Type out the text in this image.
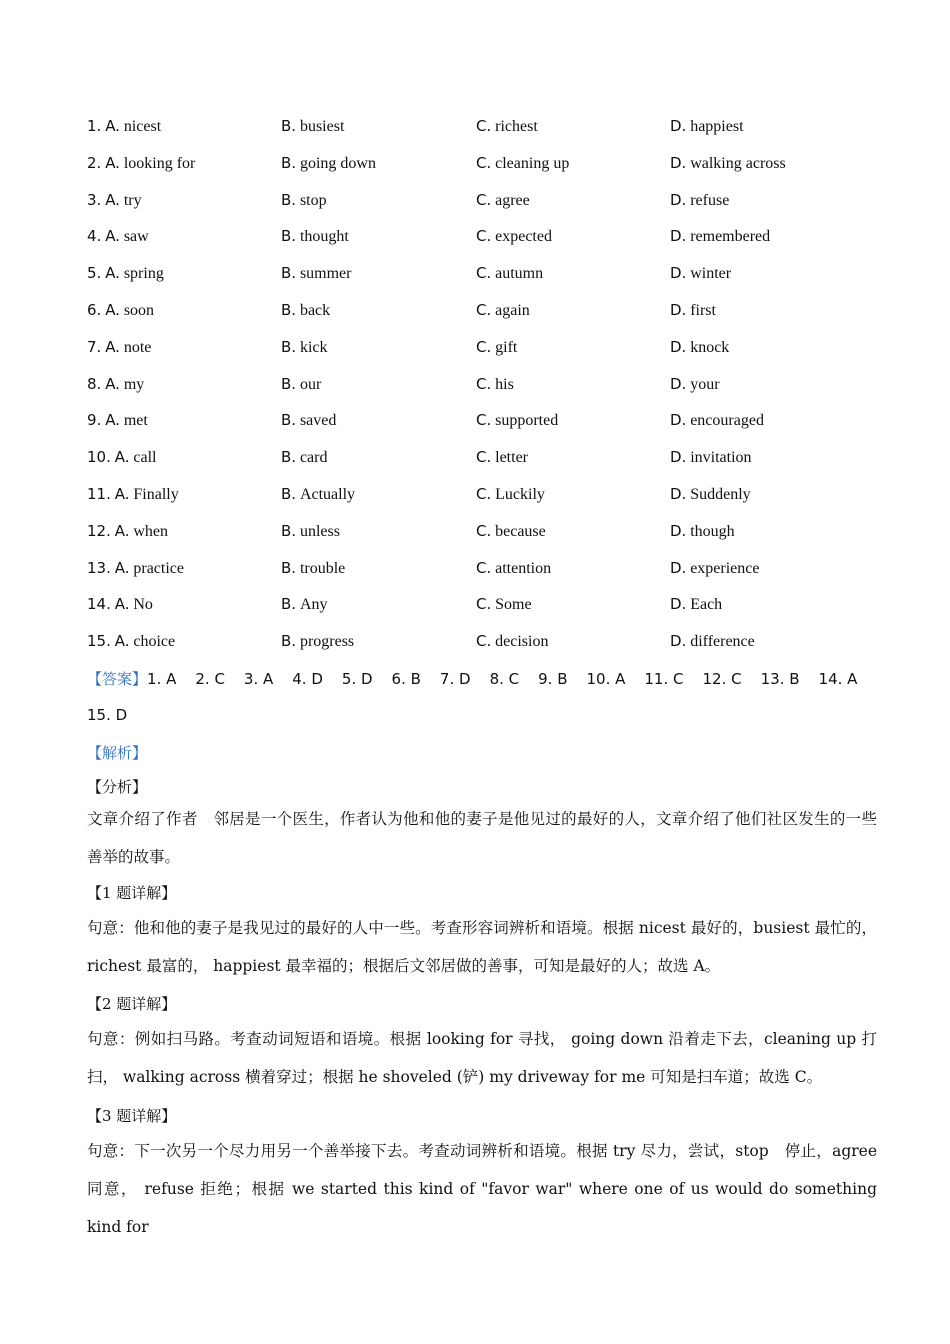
1. A. nicest	B. busiest	C. richest	D. happiest
2. A. looking for	B. going down	C. cleaning up	D. walking across
3. A. try	B. stop	C. agree	D. refuse
4. A. saw	B. thought	C. expected	D. remembered
5. A. spring	B. summer	C. autumn	D. winter
6. A. soon	B. back	C. again	D. first
7. A. note	B. kick	C. gift	D. knock
8. A. my	B. our	C. his	D. your
9. A. met	B. saved	C. supported	D. encouraged
10. A. call	B. card	C. letter	D. invitation
11. A. Finally	B. Actually	C. Luckily	D. Suddenly
12. A. when	B. unless	C. because	D. though
13. A. practice	B. trouble	C. attention	D. experience
14. A. No	B. Any	C. Some	D. Each
15. A. choice	B. progress	C. decision	D. difference
【答案】1. A 2. C 3. A 4. D 5. D 6. B 7. D 8. C 9. B 10. A 11. C 12. C 13. B 14. A
15. D
【解析】
【分析】
文章介绍了作者　邻居是一个医生，作者认为他和他的妻子是他见过的最好的人，文章介绍了他们社区发生的一些善举的故事。
【1 题详解】
句意：他和他的妻子是我见过的最好的人中一些。考查形容词辨析和语境。根据 nicest 最好的，busiest 最忙的， richest 最富的， happiest 最幸福的；根据后文邻居做的善事，可知是最好的人；故选 A。
【2 题详解】
句意：例如扫马路。考查动词短语和语境。根据 looking for 寻找， going down 沿着走下去，cleaning up 打扫， walking across 横着穿过；根据 he shoveled (铲) my driveway for me 可知是扫车道；故选 C。
【3 题详解】
句意：下一次另一个尽力用另一个善举接下去。考查动词辨析和语境。根据 try 尽力，尝试，stop　停止，agree 同意， refuse 拒绝；根据 we started this kind of "favor war" where one of us would do something kind for
